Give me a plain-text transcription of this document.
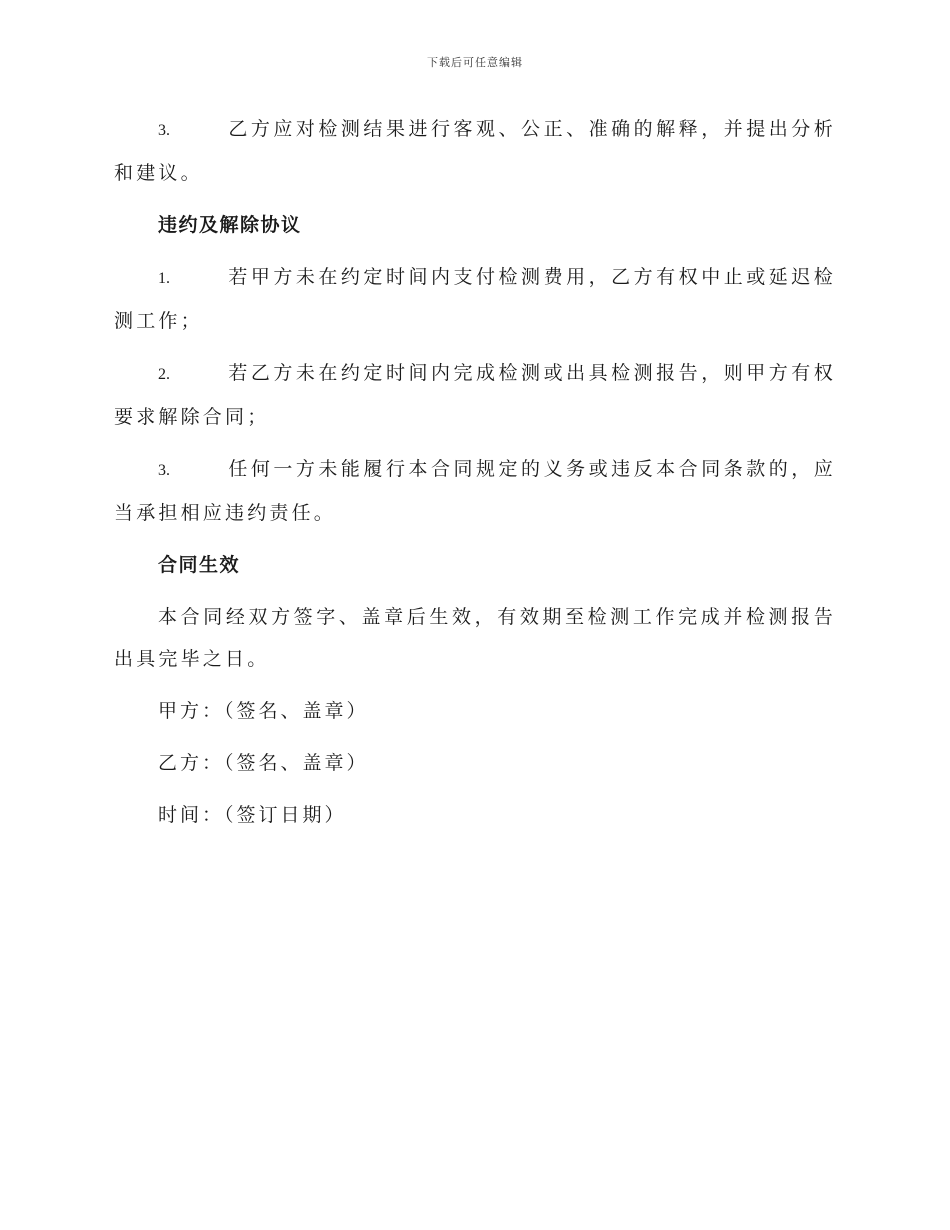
下载后可任意编辑

3.	乙方应对检测结果进行客观、公正、准确的解释，并提出分析和建议。

违约及解除协议

1.	若甲方未在约定时间内支付检测费用，乙方有权中止或延迟检测工作；

2.	若乙方未在约定时间内完成检测或出具检测报告，则甲方有权要求解除合同；

3.	任何一方未能履行本合同规定的义务或违反本合同条款的，应当承担相应违约责任。

合同生效

本合同经双方签字、盖章后生效，有效期至检测工作完成并检测报告出具完毕之日。

甲方：（签名、盖章）
乙方：（签名、盖章）
时间：（签订日期）
